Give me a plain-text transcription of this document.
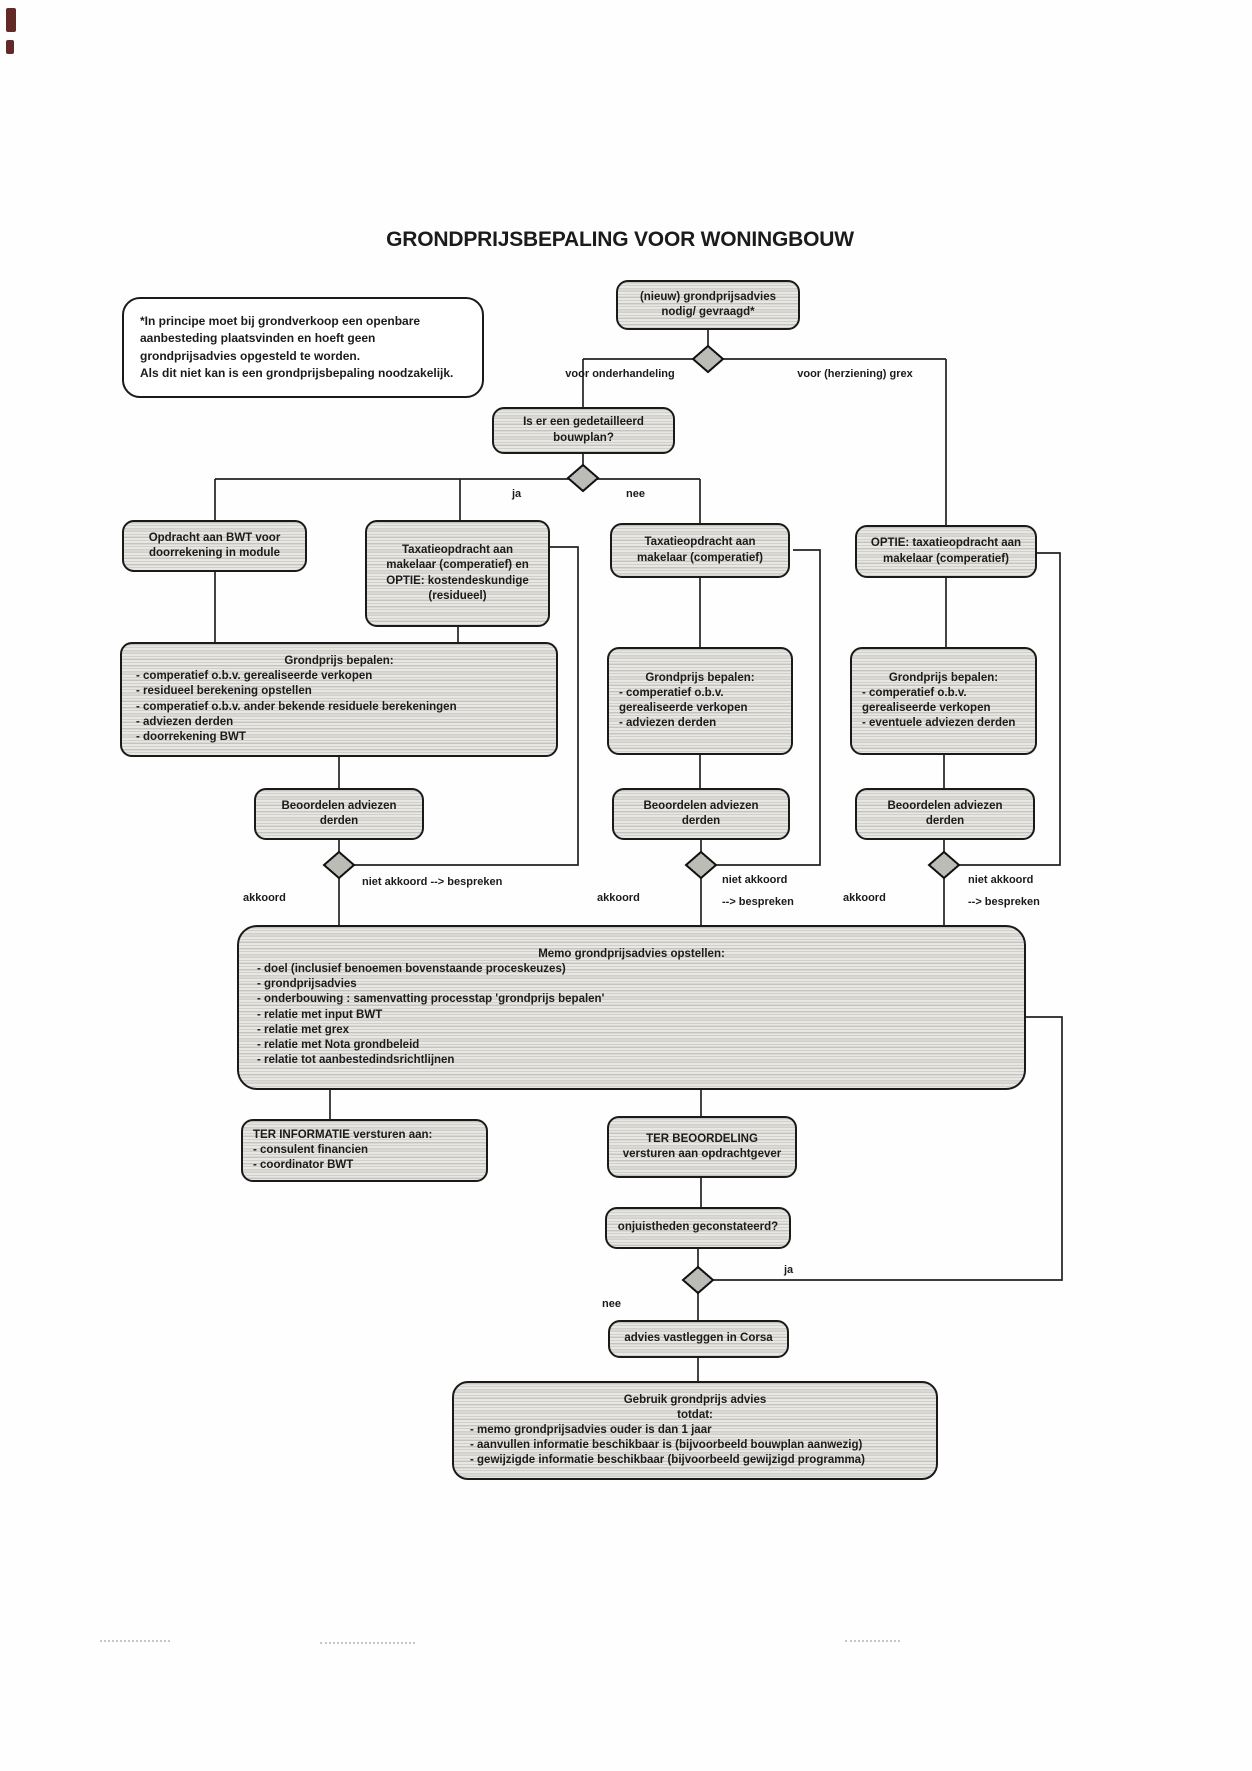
GRONDPRIJSBEPALING VOOR WONINGBOUW

*In principe moet bij grondverkoop een openbare aanbesteding plaatsvinden en hoeft geen grondprijsadvies opgesteld te worden.

Als dit niet kan is een grondprijsbepaling noodzakelijk.

(nieuw) grondprijsadvies nodig/ gevraagd*
Is er een gedetailleerd bouwplan?
Opdracht aan BWT voor doorrekening in module	Taxatieopdracht aan makelaar (comperatief) en OPTIE: kostendeskundige (residueel)
Taxatieopdracht aan makelaar (comperatief)
OPTIE: taxatieopdracht aan makelaar (comperatief)
Grondprijs bepalen:
- comperatief o.b.v. gerealiseerde verkopen
- residueel berekening opstellen
- comperatief o.b.v. ander bekende residuele berekeningen
- adviezen derden
- doorrekening BWT
Grondprijs bepalen:
- comperatief o.b.v. gerealiseerde verkopen
- adviezen derden
Grondprijs bepalen:
- comperatief o.b.v. gerealiseerde verkopen
- eventuele adviezen derden
Beoordelen adviezen derden
Beoordelen adviezen derden
Beoordelen adviezen derden
Memo grondprijsadvies opstellen:
- doel (inclusief benoemen bovenstaande proceskeuzes)
- grondprijsadvies
- onderbouwing : samenvatting processtap 'grondprijs bepalen'
- relatie met input BWT
- relatie met grex
- relatie met Nota grondbeleid
- relatie tot aanbestedindsrichtlijnen
TER INFORMATIE versturen aan:
- consulent financien
- coordinator BWT
TER BEOORDELING versturen aan opdrachtgever
onjuistheden geconstateerd?
advies vastleggen in Corsa
Gebruik grondprijs advies
totdat:
- memo grondprijsadvies ouder is dan 1 jaar
- aanvullen informatie beschikbaar is (bijvoorbeeld bouwplan aanwezig)
- gewijzigde informatie beschikbaar (bijvoorbeeld gewijzigd programma)
voor onderhandeling	voor (herziening) grex
ja	nee
akkoord
niet akkoord --> bespreken
akkoord
niet akkoord
--> bespreken	akkoord
niet akkoord
--> bespreken
ja
nee
